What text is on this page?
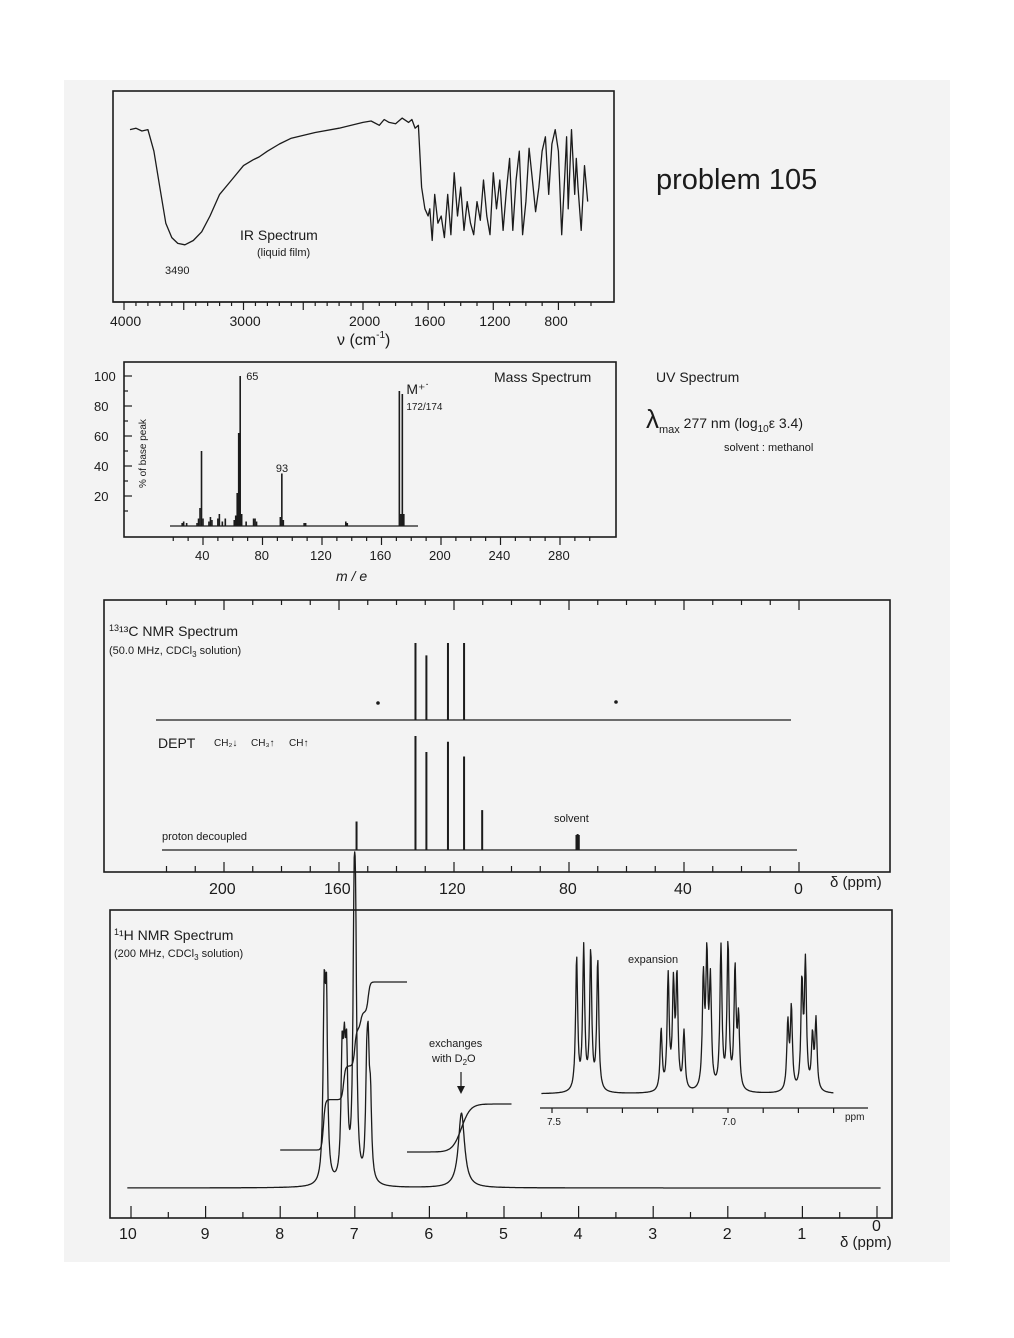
problem 105
IR Spectrum
(liquid film)
3490
4000	3000	2000 1600 1200 800
ν $(cm^{-1})$
100
80
60
40
20
40	80	120	160	200	240	280
Mass Spectrum
% of base peak
m / e
65
93
M⁺˙
172/174
UV Spectrum
$\lambda_{max}$ 277 nm ($\log_{10}\varepsilon$ 3.4)
solvent : methanol
$^{13}$¹³C NMR Spectrum
(50.0 MHz, CDCl$_3$ solution)
DEPT CH₂↓ CH₃↑ CH↑
proton decoupled
solvent
200	160	120	80	40	0 δ (ppm)
$^1$¹H NMR Spectrum
(200 MHz, CDCl$_3$ solution)
exchanges
with $D_2O$
expansion
7.5	7.0	ppm
10	9	8	7	6	5	4	3	2	1	0
δ (ppm)
